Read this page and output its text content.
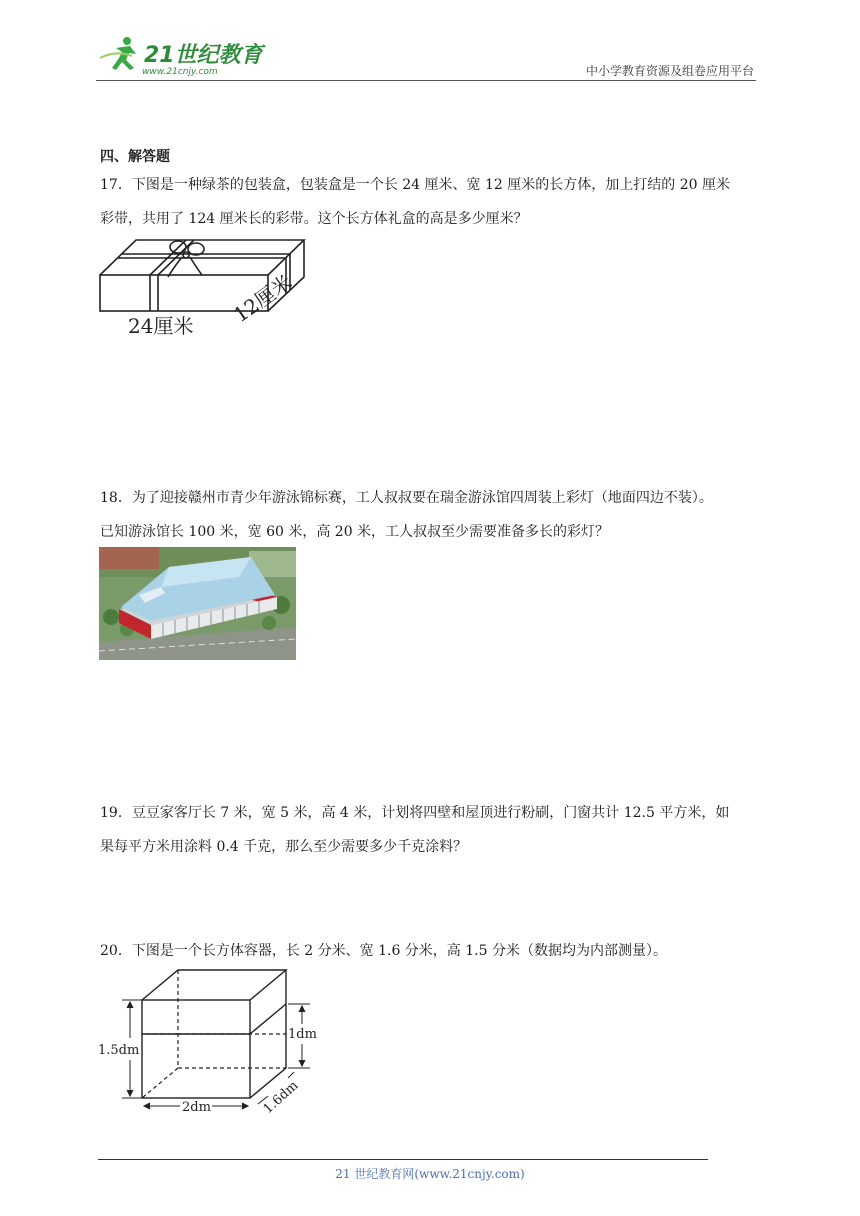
21世纪教育
www.21cnjy.com	中小学教育资源及组卷应用平台
四、解答题
17．下图是一种绿茶的包装盒，包装盒是一个长 24 厘米、宽 12 厘米的长方体，加上打结的 20 厘米
彩带，共用了 124 厘米长的彩带。这个长方体礼盒的高是多少厘米？
24厘米 12厘米
18．为了迎接赣州市青少年游泳锦标赛，工人叔叔要在瑞金游泳馆四周装上彩灯（地面四边不装）。
已知游泳馆长 100 米，宽 60 米，高 20 米，工人叔叔至少需要准备多长的彩灯？
19．豆豆家客厅长 7 米，宽 5 米，高 4 米，计划将四壁和屋顶进行粉刷，门窗共计 12.5 平方米，如
果每平方米用涂料 0.4 千克，那么至少需要多少千克涂料？
20．下图是一个长方体容器，长 2 分米、宽 1.6 分米，高 1.5 分米（数据均为内部测量）。
1.5dm
1dm
2dm	1.6dm
21 世纪教育网(www.21cnjy.com)
